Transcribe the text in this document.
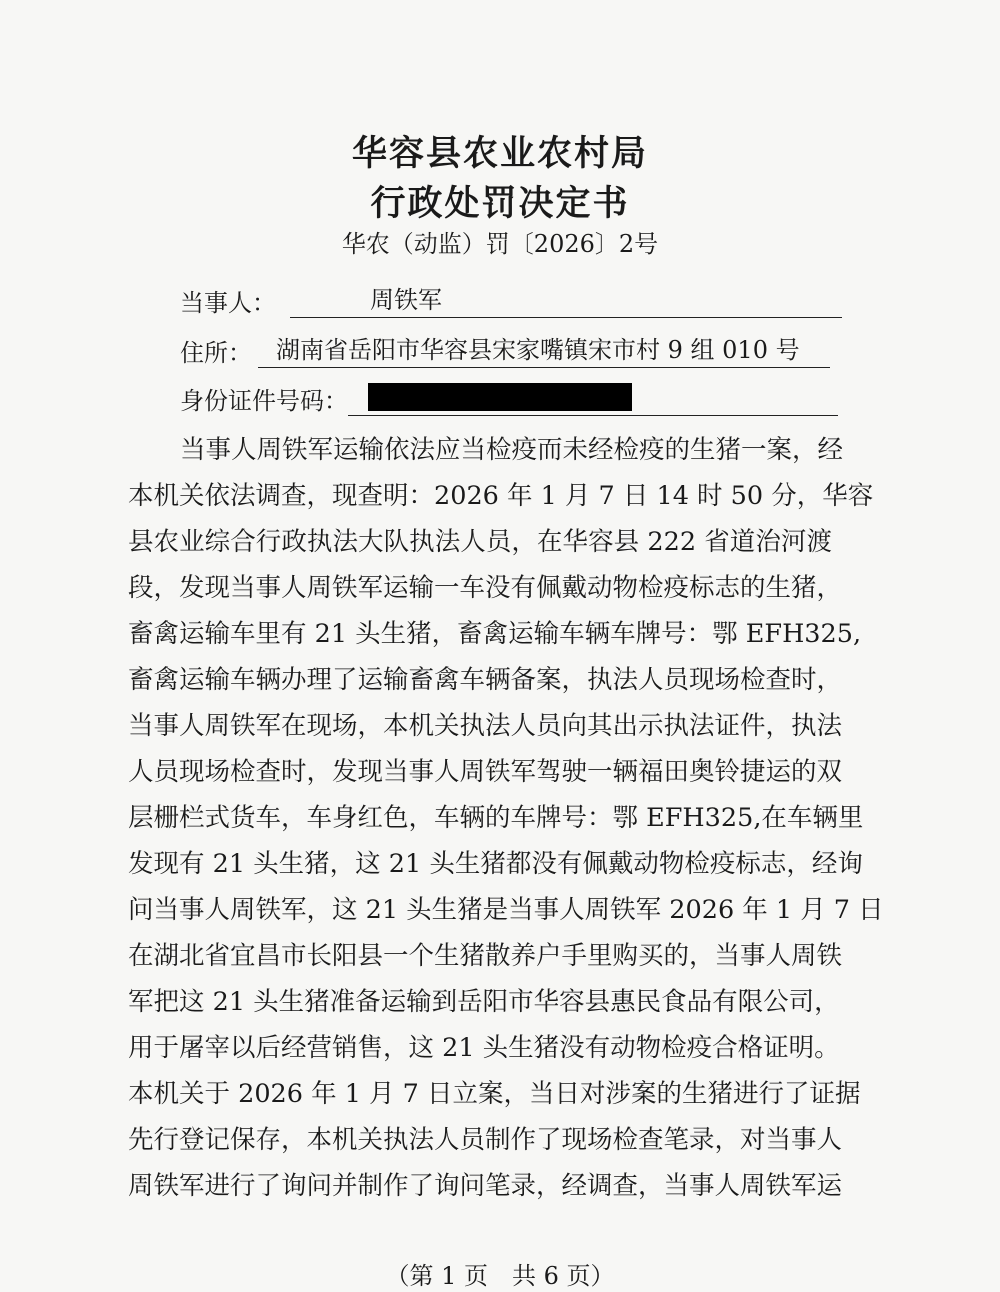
华容县农业农村局
行政处罚决定书
华农（动监）罚〔2026〕2号
当事人：	周铁军
住所：	湖南省岳阳市华容县宋家嘴镇宋市村 9 组 010 号
身份证件号码：
当事人周铁军运输依法应当检疫而未经检疫的生猪一案，经
本机关依法调查，现查明：2026 年 1 月 7 日 14 时 50 分，华容
县农业综合行政执法大队执法人员，在华容县 222 省道治河渡
段，发现当事人周铁军运输一车没有佩戴动物检疫标志的生猪，
畜禽运输车里有 21 头生猪，畜禽运输车辆车牌号：鄂 EFH325,
畜禽运输车辆办理了运输畜禽车辆备案，执法人员现场检查时，
当事人周铁军在现场，本机关执法人员向其出示执法证件，执法
人员现场检查时，发现当事人周铁军驾驶一辆福田奥铃捷运的双
层栅栏式货车，车身红色，车辆的车牌号：鄂 EFH325,在车辆里
发现有 21 头生猪，这 21 头生猪都没有佩戴动物检疫标志，经询
问当事人周铁军，这 21 头生猪是当事人周铁军 2026 年 1 月 7 日
在湖北省宜昌市长阳县一个生猪散养户手里购买的，当事人周铁
军把这 21 头生猪准备运输到岳阳市华容县惠民食品有限公司，
用于屠宰以后经营销售，这 21 头生猪没有动物检疫合格证明。
本机关于 2026 年 1 月 7 日立案，当日对涉案的生猪进行了证据
先行登记保存，本机关执法人员制作了现场检查笔录，对当事人
周铁军进行了询问并制作了询问笔录，经调查，当事人周铁军运
（第 1 页　共 6 页）
